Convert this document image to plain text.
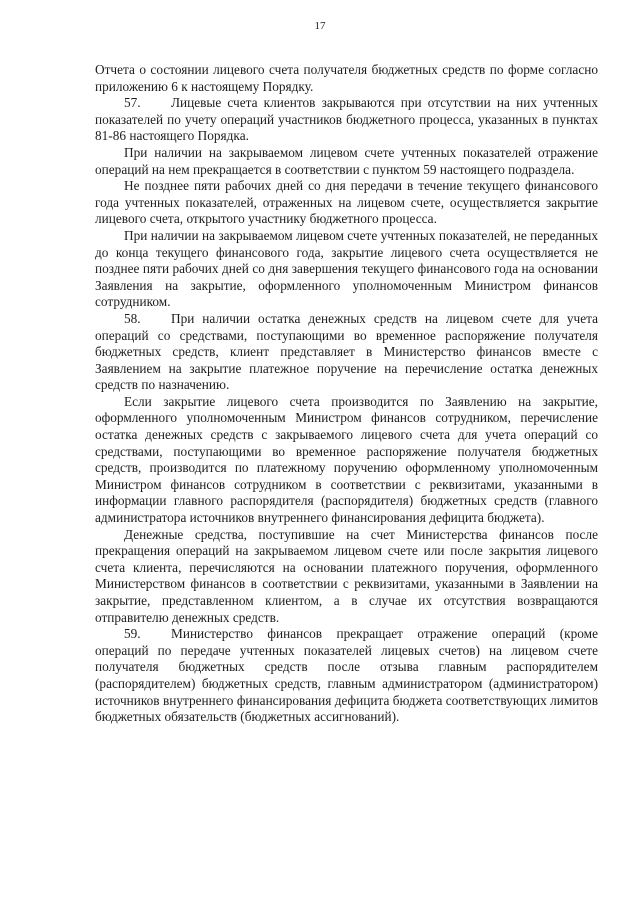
17

Отчета о состоянии лицевого счета получателя бюджетных средств по форме согласно приложению 6 к настоящему Порядку.

57. Лицевые счета клиентов закрываются при отсутствии на них учтенных показателей по учету операций участников бюджетного процесса, указанных в пунктах 81-86 настоящего Порядка.

При наличии на закрываемом лицевом счете учтенных показателей отражение операций на нем прекращается в соответствии с пунктом 59 настоящего подраздела.

Не позднее пяти рабочих дней со дня передачи в течение текущего финансового года учтенных показателей, отраженных на лицевом счете, осуществляется закрытие лицевого счета, открытого участнику бюджетного процесса.

При наличии на закрываемом лицевом счете учтенных показателей, не переданных до конца текущего финансового года, закрытие лицевого счета осуществляется не позднее пяти рабочих дней со дня завершения текущего финансового года на основании Заявления на закрытие, оформленного уполномоченным Министром финансов сотрудником.

58. При наличии остатка денежных средств на лицевом счете для учета операций со средствами, поступающими во временное распоряжение получателя бюджетных средств, клиент представляет в Министерство финансов вместе с Заявлением на закрытие платежное поручение на перечисление остатка денежных средств по назначению.

Если закрытие лицевого счета производится по Заявлению на закрытие, оформленного уполномоченным Министром финансов сотрудником, перечисление остатка денежных средств с закрываемого лицевого счета для учета операций со средствами, поступающими во временное распоряжение получателя бюджетных средств, производится по платежному поручению оформленному уполномоченным Министром финансов сотрудником в соответствии с реквизитами, указанными в информации главного распорядителя (распорядителя) бюджетных средств (главного администратора источников внутреннего финансирования дефицита бюджета).

Денежные средства, поступившие на счет Министерства финансов после прекращения операций на закрываемом лицевом счете или после закрытия лицевого счета клиента, перечисляются на основании платежного поручения, оформленного Министерством финансов в соответствии с реквизитами, указанными в Заявлении на закрытие, представленном клиентом, а в случае их отсутствия возвращаются отправителю денежных средств.

59. Министерство финансов прекращает отражение операций (кроме операций по передаче учтенных показателей лицевых счетов) на лицевом счете получателя бюджетных средств после отзыва главным распорядителем (распорядителем) бюджетных средств, главным администратором (администратором) источников внутреннего финансирования дефицита бюджета соответствующих лимитов бюджетных обязательств (бюджетных ассигнований).
